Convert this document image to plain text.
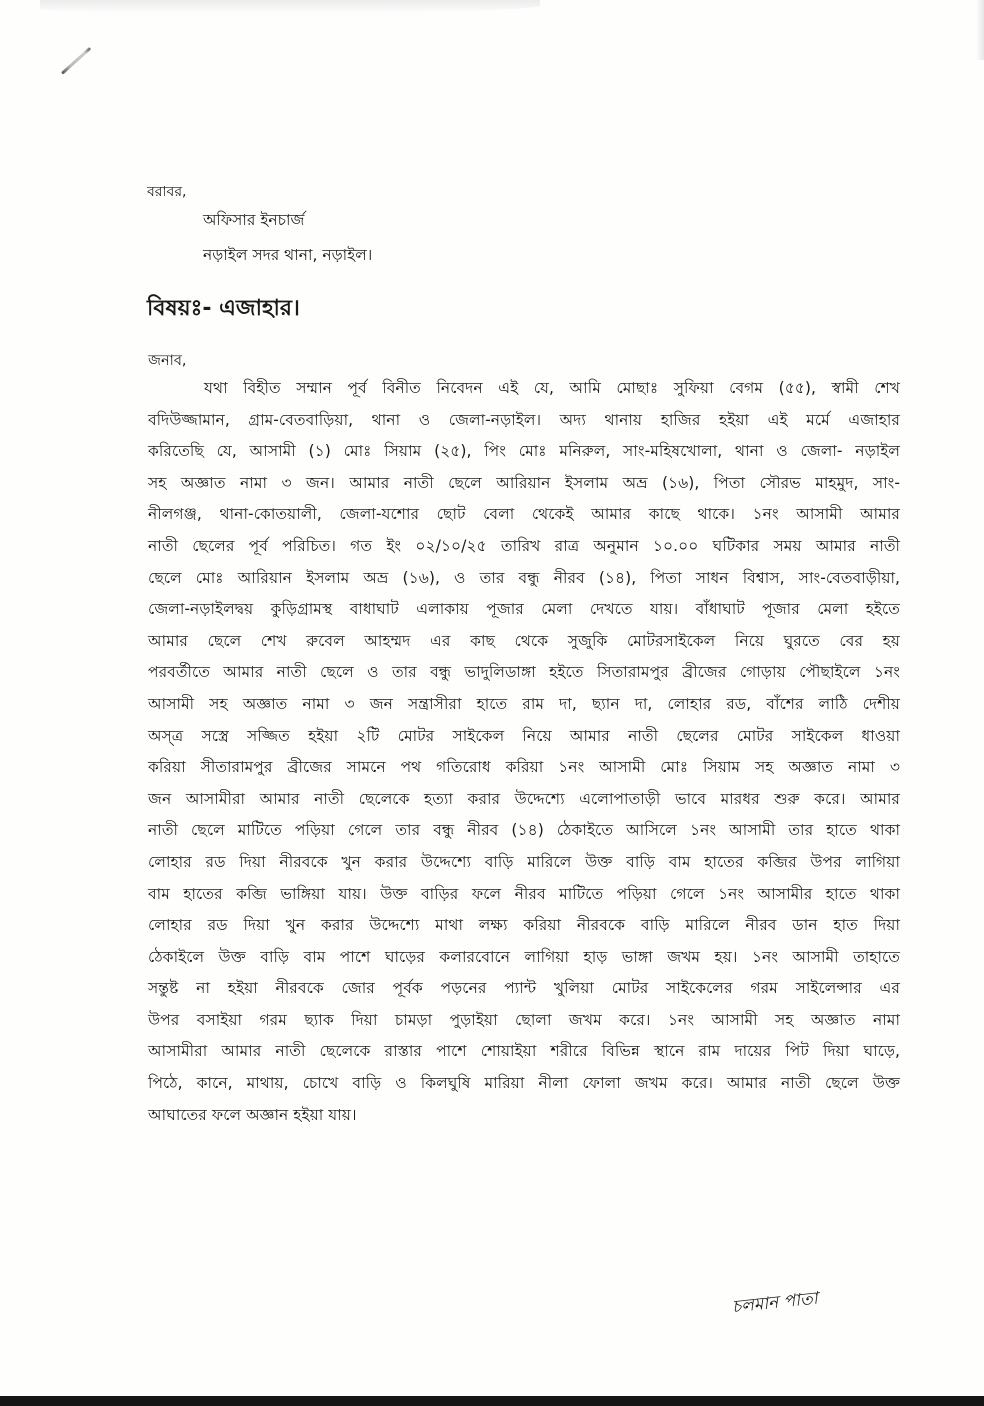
বরাবর,
অফিসার ইনচার্জ
নড়াইল সদর থানা, নড়াইল।
বিষয়ঃ- এজাহার।
জনাব,
যথা বিহীত সম্মান পূর্ব বিনীত নিবেদন এই যে, আমি মোছাঃ সুফিয়া বেগম (৫৫), স্বামী শেখ
বদিউজ্জামান, গ্রাম-বেতবাড়িয়া, থানা ও জেলা-নড়াইল। অদ্য থানায় হাজির হইয়া এই মর্মে এজাহার
করিতেছি যে, আসামী (১) মোঃ সিয়াম (২৫), পিং মোঃ মনিরুল, সাং-মহিষখোলা, থানা ও জেলা- নড়াইল
সহ অজ্ঞাত নামা ৩ জন। আমার নাতী ছেলে আরিয়ান ইসলাম অভ্র (১৬), পিতা সৌরভ মাহমুদ, সাং-
নীলগঞ্জ, থানা-কোতয়ালী, জেলা-যশোর ছোট বেলা থেকেই আমার কাছে থাকে। ১নং আসামী আমার
নাতী ছেলের পূর্ব পরিচিত। গত ইং ০২/১০/২৫ তারিখ রাত্র অনুমান ১০.০০ ঘটিকার সময় আমার নাতী
ছেলে মোঃ আরিয়ান ইসলাম অভ্র (১৬), ও তার বন্ধু নীরব (১৪), পিতা সাধন বিশ্বাস, সাং-বেতবাড়ীয়া,
জেলা-নড়াইলদ্বয় কুড়িগ্রামস্থ বাধাঘাট এলাকায় পূজার মেলা দেখতে যায়। বাঁধাঘাট পূজার মেলা হইতে
আমার ছেলে শেখ রুবেল আহম্মদ এর কাছ থেকে সুজুকি মোটরসাইকেল নিয়ে ঘুরতে বের হয়
পরবর্তীতে আমার নাতী ছেলে ও তার বন্ধু ভাদুলিডাঙ্গা হইতে সিতারামপুর ব্রীজের গোড়ায় পৌছাইলে ১নং
আসামী সহ অজ্ঞাত নামা ৩ জন সন্ত্রাসীরা হাতে রাম দা, ছ্যান দা, লোহার রড, বাঁশের লাঠি দেশীয়
অস্‌ত্র সস্ত্রে সজ্জিত হইয়া ২টি মোটর সাইকেল নিয়ে আমার নাতী ছেলের মোটর সাইকেল ধাওয়া
করিয়া সীতারামপুর ব্রীজের সামনে পথ গতিরোধ করিয়া ১নং আসামী মোঃ সিয়াম সহ অজ্ঞাত নামা ৩
জন আসামীরা আমার নাতী ছেলেকে হত্যা করার উদ্দেশ্যে এলোপাতাড়ী ভাবে মারধর শুরু করে। আমার
নাতী ছেলে মাটিতে পড়িয়া গেলে তার বন্ধু নীরব (১৪) ঠেকাইতে আসিলে ১নং আসামী তার হাতে থাকা
লোহার রড দিয়া নীরবকে খুন করার উদ্দেশ্যে বাড়ি মারিলে উক্ত বাড়ি বাম হাতের কব্জির উপর লাগিয়া
বাম হাতের কব্জি ভাঙ্গিয়া যায়। উক্ত বাড়ির ফলে নীরব মাটিতে পড়িয়া গেলে ১নং আসামীর হাতে থাকা
লোহার রড দিয়া খুন করার উদ্দেশ্যে মাথা লক্ষ্য করিয়া নীরবকে বাড়ি মারিলে নীরব ডান হাত দিয়া
ঠেকাইলে উক্ত বাড়ি বাম পাশে ঘাড়ের কলারবোনে লাগিয়া হাড় ভাঙ্গা জখম হয়। ১নং আসামী তাহাতে
সন্তুষ্ট না হইয়া নীরবকে জোর পূর্বক পড়নের প্যান্ট খুলিয়া মোটর সাইকেলের গরম সাইলেন্সার এর
উপর বসাইয়া গরম ছ্যাক দিয়া চামড়া পুড়াইয়া ছোলা জখম করে। ১নং আসামী সহ অজ্ঞাত নামা
আসামীরা আমার নাতী ছেলেকে রাস্তার পাশে শোয়াইয়া শরীরে বিভিন্ন স্থানে রাম দায়ের পিট দিয়া ঘাড়ে,
পিঠে, কানে, মাথায়, চোখে বাড়ি ও কিলঘুষি মারিয়া নীলা ফোলা জখম করে। আমার নাতী ছেলে উক্ত
আঘাতের ফলে অজ্ঞান হইয়া যায়।
চলমান পাতা
